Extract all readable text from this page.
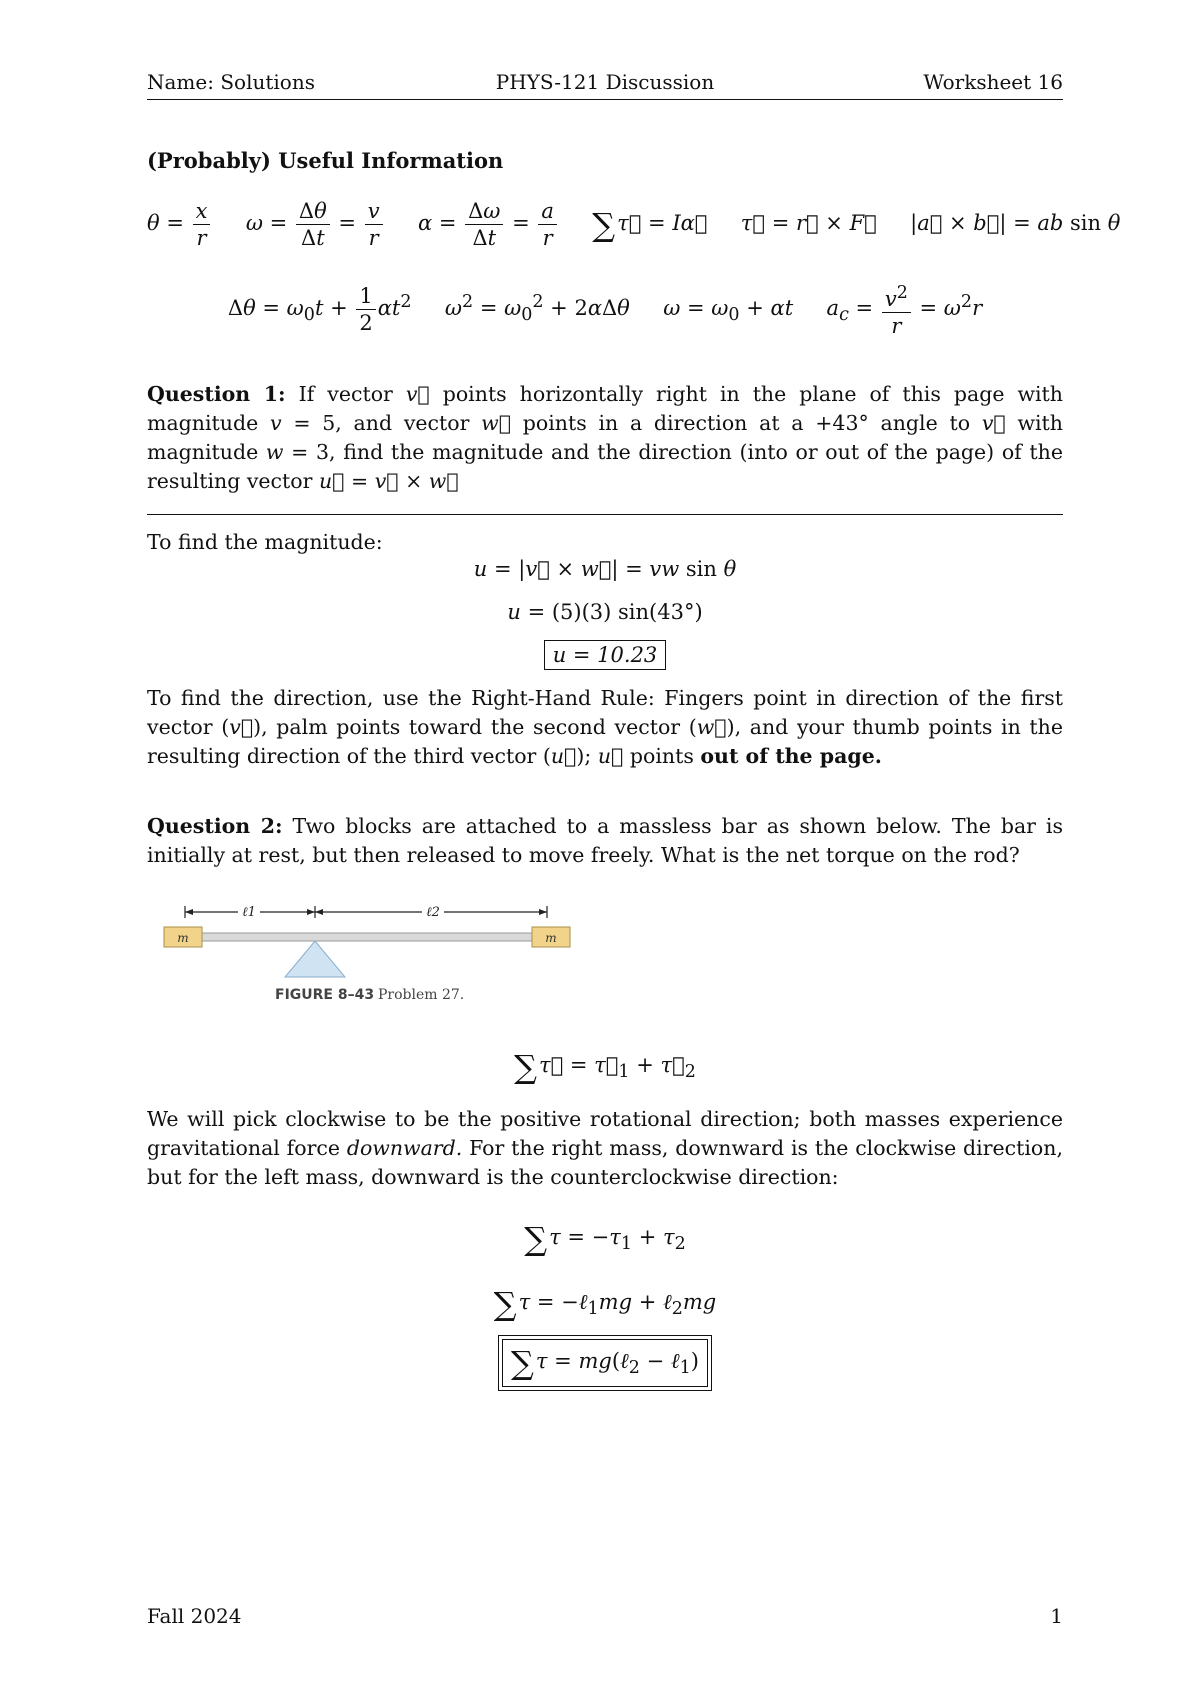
Name: Solutions	PHYS-121 Discussion	Worksheet 16
(Probably) Useful Information
$\theta = \frac{x}{r}$ $\omega = \frac{\Delta\theta}{\Delta t} = \frac{v}{r}$ $\alpha = \frac{\Delta\omega}{\Delta t} = \frac{a}{r} \sum\tau$ ⃗ = Iα ⃗ τ ⃗ = r ⃗ × F ⃗     |a ⃗ × b ⃗| = ab sin θ
$\Delta\theta = \omega_0t + \frac{1}{2} \alpha t^2$ $\omega^2 = \omega_0^2 + 2\alpha\Delta\theta$ $\omega = \omega_0 + \alpha t$ $a_c = \frac{v^2}{r} = \omega^2r$
Question 1: If vector v ⃗ points horizontally right in the plane of this page with magnitude v = 5, and vector w ⃗ points in a direction at a +43° angle to v ⃗ with magnitude w = 3, find the magnitude and the direction (into or out of the page) of the resulting vector u ⃗ = v ⃗ × w ⃗
To find the magnitude:
u = |v ⃗ × w ⃗| = vw sin θ
u = (5)(3) sin(43°)
u = 10.23
To find the direction, use the Right-Hand Rule: Fingers point in direction of the first vector (v ⃗), palm points toward the second vector (w ⃗), and your thumb points in the resulting direction of the third vector (u ⃗); u ⃗ points out of the page.
Question 2: Two blocks are attached to a massless bar as shown below. The bar is initially at rest, but then released to move freely. What is the net torque on the rod?
ℓ1	ℓ2
m	m
FIGURE 8–43 Problem 27.
∑τ ⃗ = τ $⃗_1 + \tau$ $⃗_2$
We will pick clockwise to be the positive rotational direction; both masses experience gravitational force downward. For the right mass, downward is the clockwise direction, but for the left mass, downward is the counterclockwise direction:
$\sum\tau = -\tau_1 + \tau_2$
∑τ = −ℓ$_1$mg + ℓ$_2$mg
∑τ = mg(ℓ$_2$ − ℓ$_1$)
Fall 2024	1
